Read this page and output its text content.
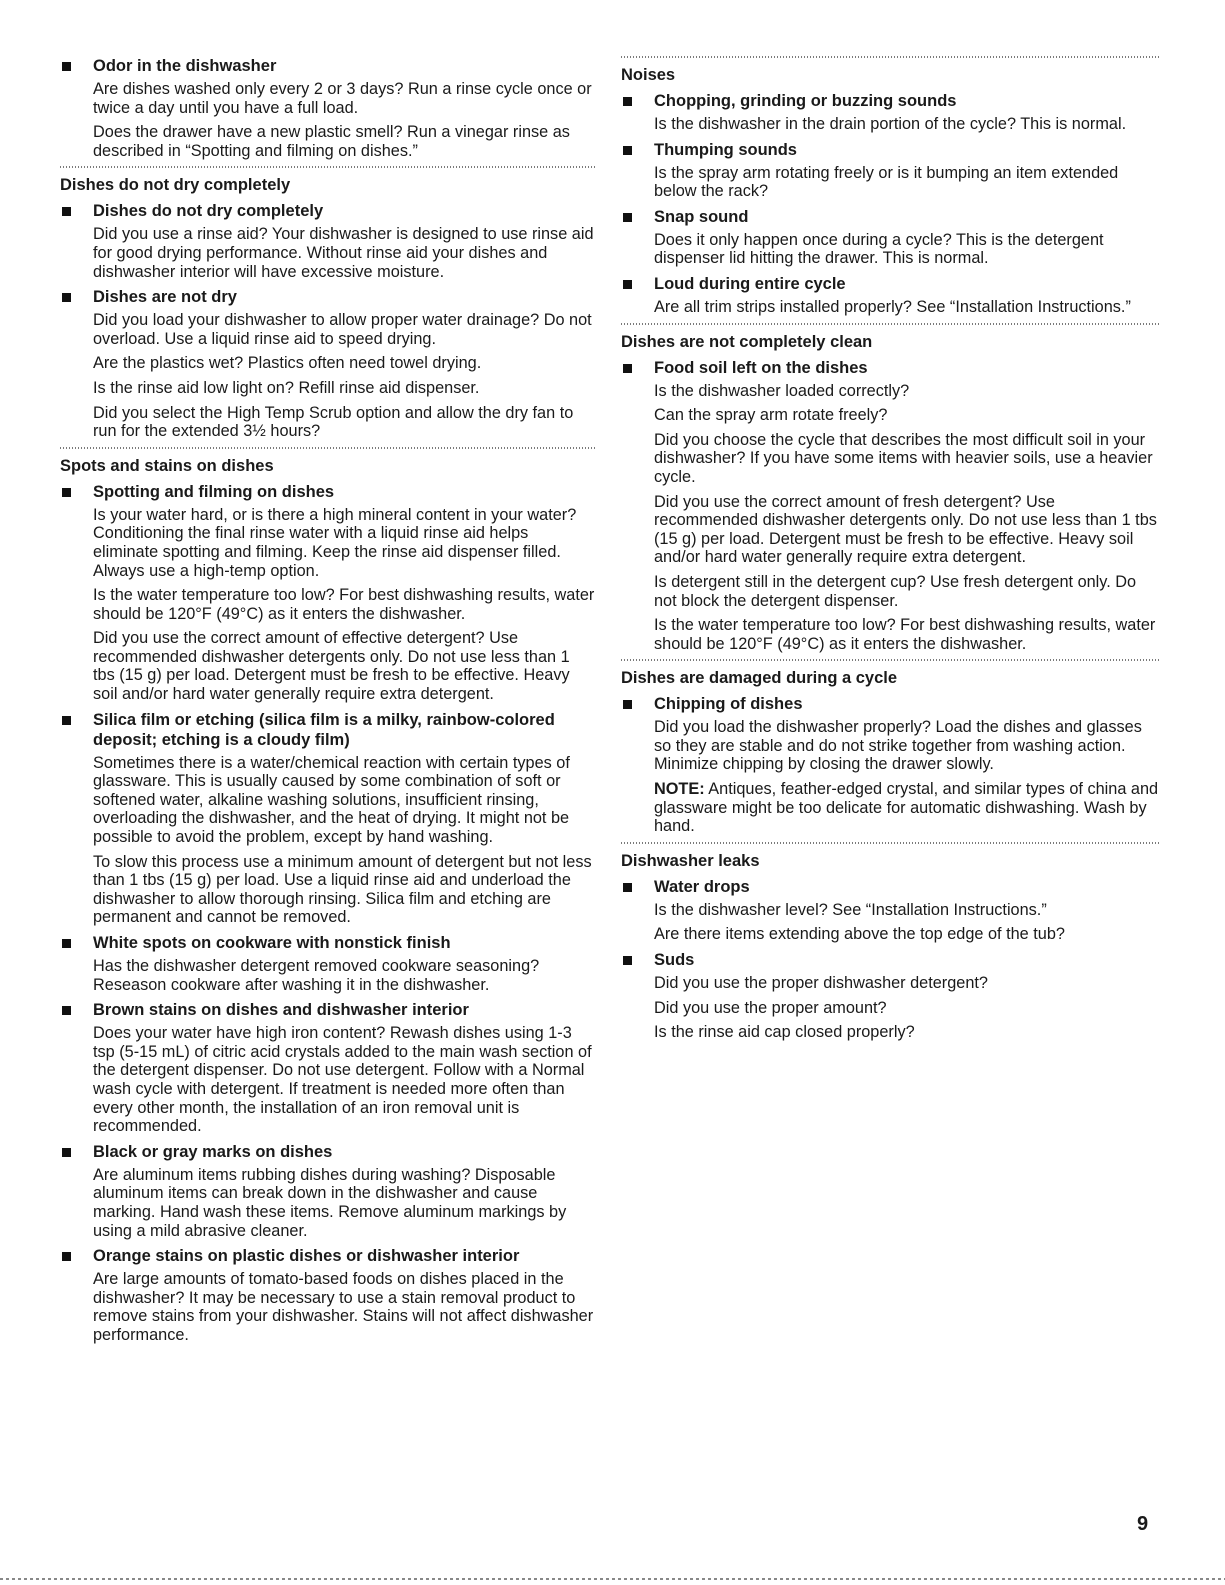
Odor in the dishwasher

Are dishes washed only every 2 or 3 days? Run a rinse cycle once or twice a day until you have a full load.

Does the drawer have a new plastic smell? Run a vinegar rinse as described in “Spotting and filming on dishes.”

Dishes do not dry completely
Dishes do not dry completely

Did you use a rinse aid? Your dishwasher is designed to use rinse aid for good drying performance. Without rinse aid your dishes and dishwasher interior will have excessive moisture.

Dishes are not dry

Did you load your dishwasher to allow proper water drainage? Do not overload. Use a liquid rinse aid to speed drying.

Are the plastics wet? Plastics often need towel drying.

Is the rinse aid low light on? Refill rinse aid dispenser.

Did you select the High Temp Scrub option and allow the dry fan to run for the extended 3½ hours?

Spots and stains on dishes
Spotting and filming on dishes

Is your water hard, or is there a high mineral content in your water? Conditioning the final rinse water with a liquid rinse aid helps eliminate spotting and filming. Keep the rinse aid dispenser filled. Always use a high-temp option.

Is the water temperature too low? For best dishwashing results, water should be 120°F (49°C) as it enters the dishwasher.

Did you use the correct amount of effective detergent? Use recommended dishwasher detergents only. Do not use less than 1 tbs (15 g) per load. Detergent must be fresh to be effective. Heavy soil and/or hard water generally require extra detergent.

Silica film or etching (silica film is a milky, rainbow-colored deposit; etching is a cloudy film)

Sometimes there is a water/chemical reaction with certain types of glassware. This is usually caused by some combination of soft or softened water, alkaline washing solutions, insufficient rinsing, overloading the dishwasher, and the heat of drying. It might not be possible to avoid the problem, except by hand washing.

To slow this process use a minimum amount of detergent but not less than 1 tbs (15 g) per load. Use a liquid rinse aid and underload the dishwasher to allow thorough rinsing. Silica film and etching are permanent and cannot be removed.

White spots on cookware with nonstick finish

Has the dishwasher detergent removed cookware seasoning? Reseason cookware after washing it in the dishwasher.

Brown stains on dishes and dishwasher interior

Does your water have high iron content? Rewash dishes using 1-3 tsp (5-15 mL) of citric acid crystals added to the main wash section of the detergent dispenser. Do not use detergent. Follow with a Normal wash cycle with detergent. If treatment is needed more often than every other month, the installation of an iron removal unit is recommended.

Black or gray marks on dishes

Are aluminum items rubbing dishes during washing? Disposable aluminum items can break down in the dishwasher and cause marking. Hand wash these items. Remove aluminum markings by using a mild abrasive cleaner.

Orange stains on plastic dishes or dishwasher interior

Are large amounts of tomato-based foods on dishes placed in the dishwasher? It may be necessary to use a stain removal product to remove stains from your dishwasher. Stains will not affect dishwasher performance.

Noises
Chopping, grinding or buzzing sounds

Is the dishwasher in the drain portion of the cycle? This is normal.

Thumping sounds

Is the spray arm rotating freely or is it bumping an item extended below the rack?

Snap sound

Does it only happen once during a cycle? This is the detergent dispenser lid hitting the drawer. This is normal.

Loud during entire cycle

Are all trim strips installed properly? See “Installation Instructions.”

Dishes are not completely clean
Food soil left on the dishes

Is the dishwasher loaded correctly?

Can the spray arm rotate freely?

Did you choose the cycle that describes the most difficult soil in your dishwasher? If you have some items with heavier soils, use a heavier cycle.

Did you use the correct amount of fresh detergent? Use recommended dishwasher detergents only. Do not use less than 1 tbs (15 g) per load. Detergent must be fresh to be effective. Heavy soil and/or hard water generally require extra detergent.

Is detergent still in the detergent cup? Use fresh detergent only. Do not block the detergent dispenser.

Is the water temperature too low? For best dishwashing results, water should be 120°F (49°C) as it enters the dishwasher.

Dishes are damaged during a cycle
Chipping of dishes

Did you load the dishwasher properly? Load the dishes and glasses so they are stable and do not strike together from washing action. Minimize chipping by closing the drawer slowly.

NOTE: Antiques, feather-edged crystal, and similar types of china and glassware might be too delicate for automatic dishwashing. Wash by hand.

Dishwasher leaks
Water drops

Is the dishwasher level? See “Installation Instructions.”

Are there items extending above the top edge of the tub?

Suds

Did you use the proper dishwasher detergent?

Did you use the proper amount?

Is the rinse aid cap closed properly?

9
